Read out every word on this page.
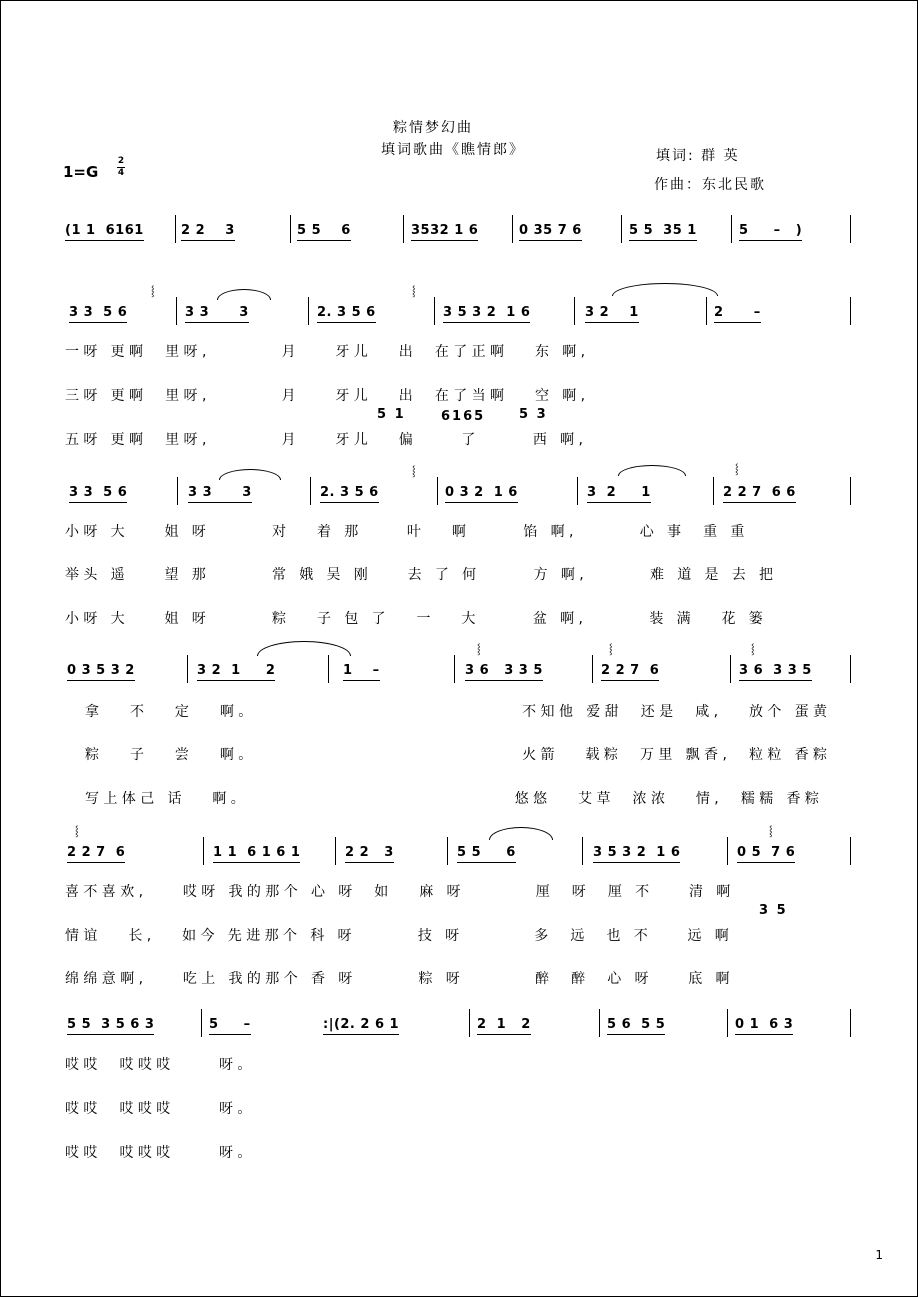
粽情梦幻曲
填词歌曲《瞧情郎》	填词: 群 英
作曲：东北民歌
1=G
2
4
(1 1  6161	2 2    3	5 5    6	3532 1 6	0 35 7 6	5 5  35 1	5     –   )
3 3  5 6	3 3      3	2. 3 5 6	3 5 3 2  1 6	3 2    1	2      –
⸾	⸾
一呀 更啊  里呀,        月    牙儿   出  在了正啊   东 啊,
三呀 更啊  里呀,        月    牙儿   出  在了当啊   空 啊,
5 1	6165	5 3
五呀 更啊  里呀,        月    牙儿   偏     了      西 啊,
3 3  5 6	3 3      3	2. 3 5 6	0 3 2  1 6	3  2     1	2 2 7  6 6
⸾	⸾
小呀 大    姐 呀       对   着 那     叶   啊      馅 啊,       心 事  重 重
举头 遥    望 那       常 娥 吴 刚    去 了 何      方 啊,       难 道 是 去 把
小呀 大    姐 呀       粽   子 包 了   一   大      盆 啊,       装 满   花 篓
0 3 5 3 2	3 2  1     2	1    –	3 6   3 3 5	2 2 7  6	3 6  3 3 5
⸾	⸾	⸾
拿   不   定   啊。                              不知他 爱甜  还是  咸,   放个 蛋黄
粽   子   尝   啊。                              火箭   载粽  万里 飘香,  粒粒 香粽
写上体己 话   啊。                              悠悠   艾草  浓浓   情,  糯糯 香粽
2 2 7  6	1 1  6 1 6 1	2 2   3	5 5     6	3 5 3 2  1 6	0 5  7 6
⸾	⸾
喜不喜欢,    哎呀 我的那个 心 呀  如   麻 呀        厘  呀  厘 不    清 啊
3 5
情谊   长,   如今 先进那个 科 呀       技 呀        多  远  也 不    远 啊
绵绵意啊,    吃上 我的那个 香 呀       粽 呀        醉  醉  心 呀    底 啊
5 5  3 5 6 3	5     –	:|(2. 2 6 1	2  1   2	5 6  5 5	0 1  6 3
哎哎  哎哎哎     呀。
哎哎  哎哎哎     呀。
哎哎  哎哎哎     呀。
1
